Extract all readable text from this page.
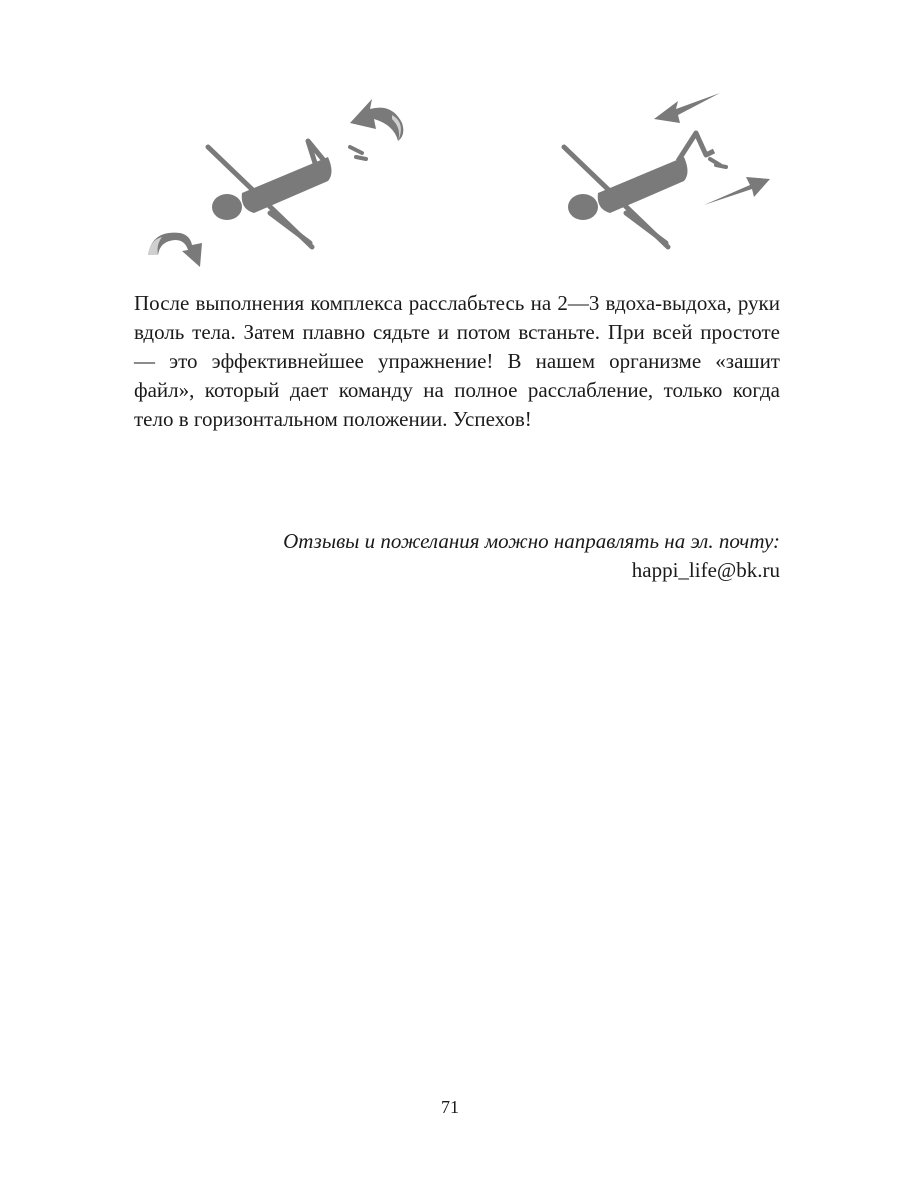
После выполнения комплекса расслабьтесь на 2—3 вдоха-выдоха, руки вдоль тела. Затем плавно сядьте и потом встаньте. При всей простоте — это эффективнейшее упражнение! В нашем организме «зашит файл», который дает команду на полное расслабление, только когда тело в горизонтальном положении. Успехов!

Отзывы и пожелания можно направлять на эл. почту:
happi_life@bk.ru
71
